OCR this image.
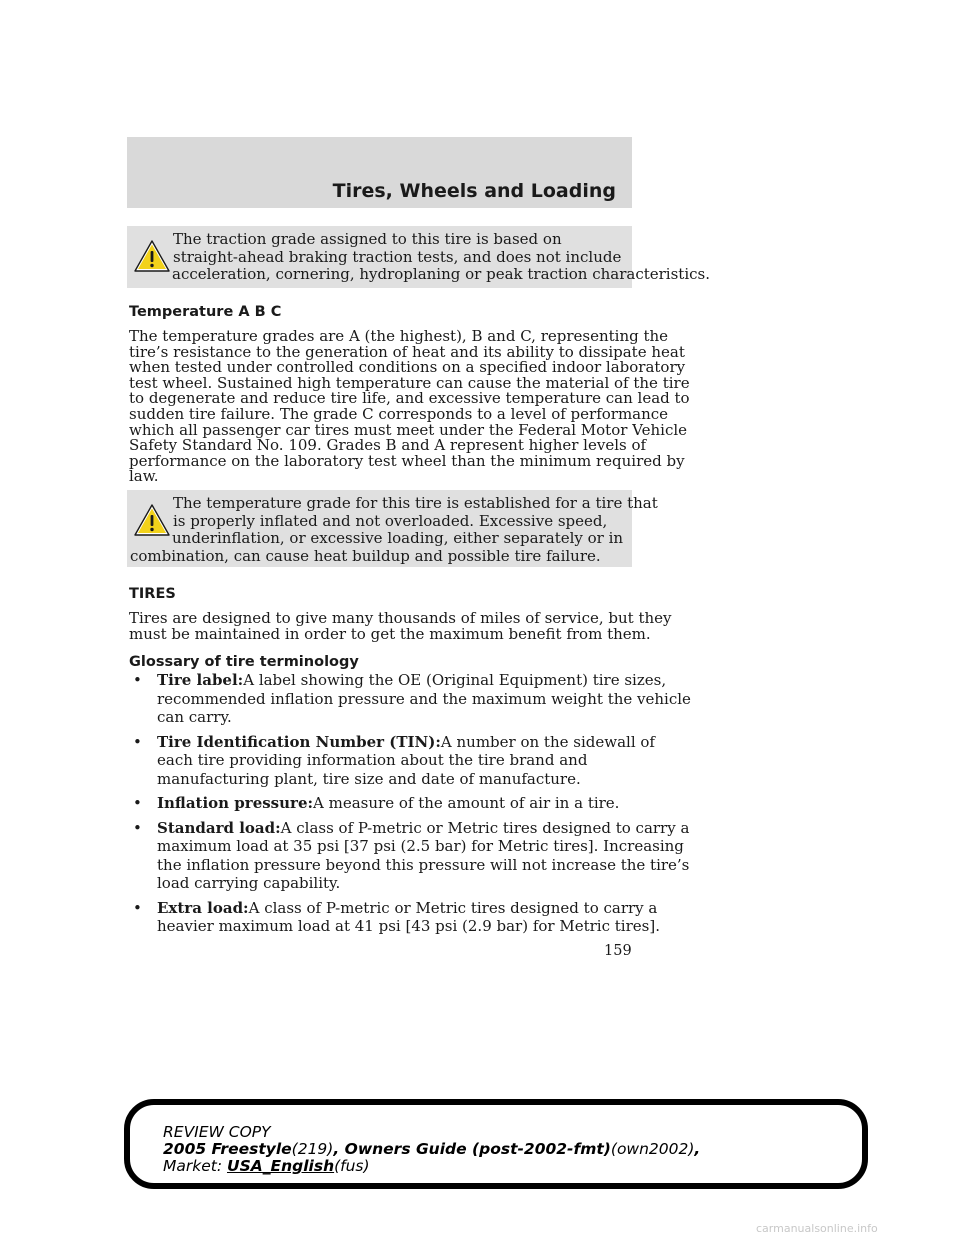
Tires, Wheels and Loading
The traction grade assigned to this tire is based on
straight-ahead braking traction tests, and does not include
acceleration, cornering, hydroplaning or peak traction characteristics.
Temperature A B C
The temperature grades are A (the highest), B and C, representing the
tire’s resistance to the generation of heat and its ability to dissipate heat
when tested under controlled conditions on a specified indoor laboratory
test wheel. Sustained high temperature can cause the material of the tire
to degenerate and reduce tire life, and excessive temperature can lead to
sudden tire failure. The grade C corresponds to a level of performance
which all passenger car tires must meet under the Federal Motor Vehicle
Safety Standard No. 109. Grades B and A represent higher levels of
performance on the laboratory test wheel than the minimum required by
law.
The temperature grade for this tire is established for a tire that
is properly inflated and not overloaded. Excessive speed,
underinflation, or excessive loading, either separately or in
combination, can cause heat buildup and possible tire failure.
TIRES
Tires are designed to give many thousands of miles of service, but they
must be maintained in order to get the maximum benefit from them.
Glossary of tire terminology
• Tire label:A label showing the OE (Original Equipment) tire sizes,
recommended inflation pressure and the maximum weight the vehicle
can carry.
• Tire Identification Number (TIN):A number on the sidewall of
each tire providing information about the tire brand and
manufacturing plant, tire size and date of manufacture.
• Inflation pressure:A measure of the amount of air in a tire.
• Standard load:A class of P-metric or Metric tires designed to carry a
maximum load at 35 psi [37 psi (2.5 bar) for Metric tires]. Increasing
the inflation pressure beyond this pressure will not increase the tire’s
load carrying capability.
• Extra load:A class of P-metric or Metric tires designed to carry a
heavier maximum load at 41 psi [43 psi (2.9 bar) for Metric tires].
159
REVIEW COPY
2005 Freestyle(219), Owners Guide (post-2002-fmt)(own2002),
Market: USA_English(fus)
carmanualsonline.info
